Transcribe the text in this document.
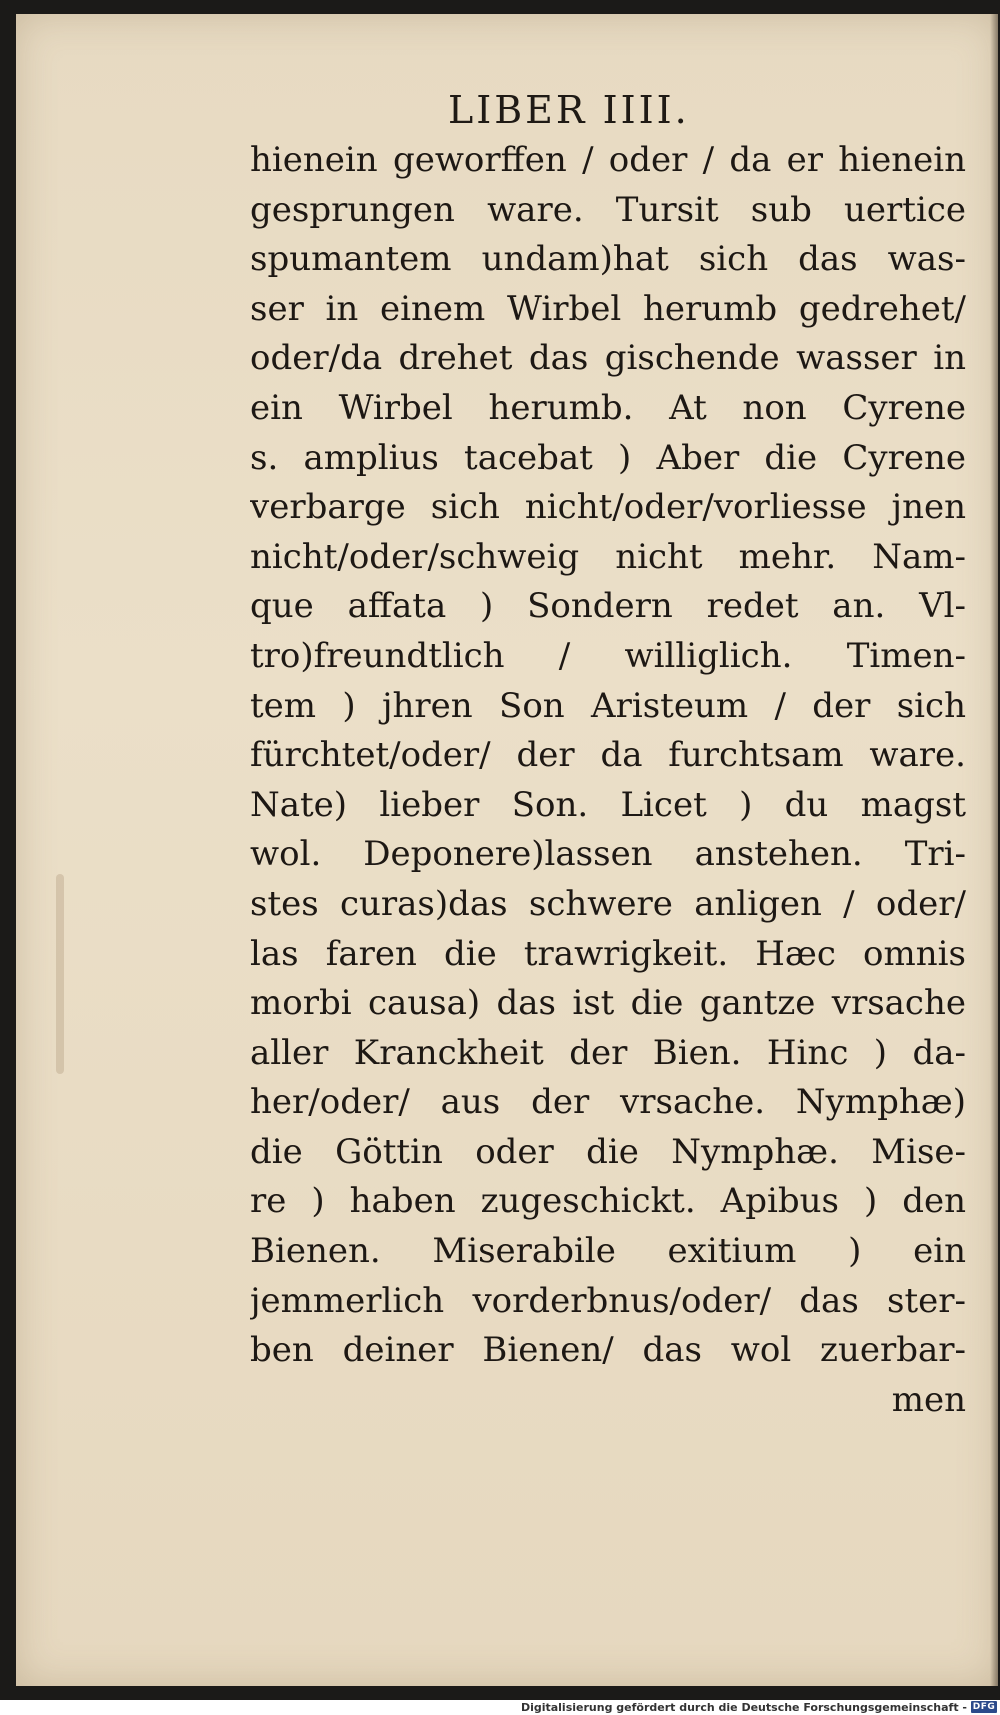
LIBER IIII.
hienein geworffen / oder / da er hienein
gesprungen ware. Tursit sub uertice
spumantem undam)hat sich das was-
ser in einem Wirbel herumb gedrehet/
oder/da drehet das gischende wasser in
ein Wirbel herumb. At non Cyrene
s. amplius tacebat ) Aber die Cyrene
verbarge sich nicht/oder/vorliesse jnen
nicht/oder/schweig nicht mehr. Nam-
que affata ) Sondern redet an. Vl-
tro)freundtlich / williglich. Timen-
tem ) jhren Son Aristeum / der sich
fürchtet/oder/ der da furchtsam ware.
Nate) lieber Son. Licet ) du magst
wol. Deponere)lassen anstehen. Tri-
stes curas)das schwere anligen / oder/
las faren die trawrigkeit. Hæc omnis
morbi causa) das ist die gantze vrsache
aller Kranckheit der Bien. Hinc ) da-
her/oder/ aus der vrsache. Nymphæ)
die Göttin oder die Nymphæ. Mise-
re ) haben zugeschickt. Apibus ) den
Bienen. Miserabile exitium ) ein
jemmerlich vorderbnus/oder/ das ster-
ben deiner Bienen/ das wol zuerbar-
men
Digitalisierung gefördert durch die Deutsche Forschungsgemeinschaft - DFG
